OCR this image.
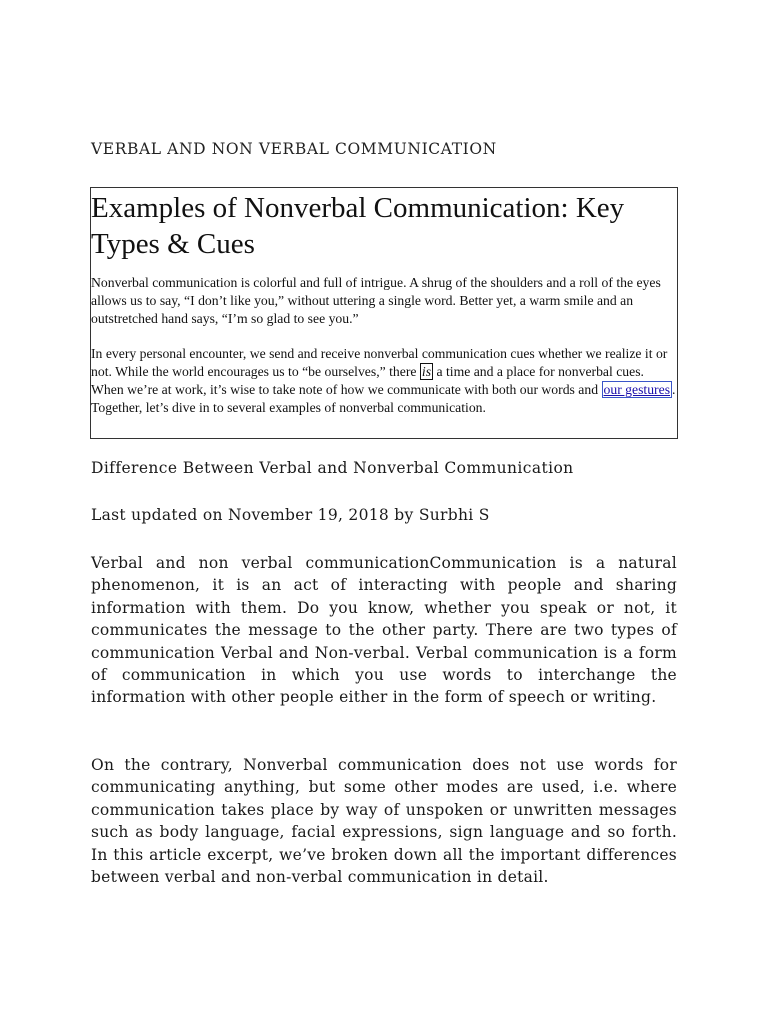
VERBAL AND NON VERBAL COMMUNICATION
Examples of Nonverbal Communication: Key Types & Cues

Nonverbal communication is colorful and full of intrigue. A shrug of the shoulders and a roll of the eyes allows us to say, “I don’t like you,” without uttering a single word. Better yet, a warm smile and an outstretched hand says, “I’m so glad to see you.”

In every personal encounter, we send and receive nonverbal communication cues whether we realize it or not. While the world encourages us to “be ourselves,” there is a time and a place for nonverbal cues. When we’re at work, it’s wise to take note of how we communicate with both our words and our gestures . Together, let’s dive in to several examples of nonverbal communication.

Difference Between Verbal and Nonverbal Communication

Last updated on November 19, 2018 by Surbhi S

Verbal and non verbal communicationCommunication is a natural phenomenon, it is an act of interacting with people and sharing information with them. Do you know, whether you speak or not, it communicates the message to the other party. There are two types of communication Verbal and Non-verbal. Verbal communication is a form of communication in which you use words to interchange the information with other people either in the form of speech or writing.

On the contrary, Nonverbal communication does not use words for communicating anything, but some other modes are used, i.e. where communication takes place by way of unspoken or unwritten messages such as body language, facial expressions, sign language and so forth. In this article excerpt, we’ve broken down all the important differences between verbal and non-verbal communication in detail.
